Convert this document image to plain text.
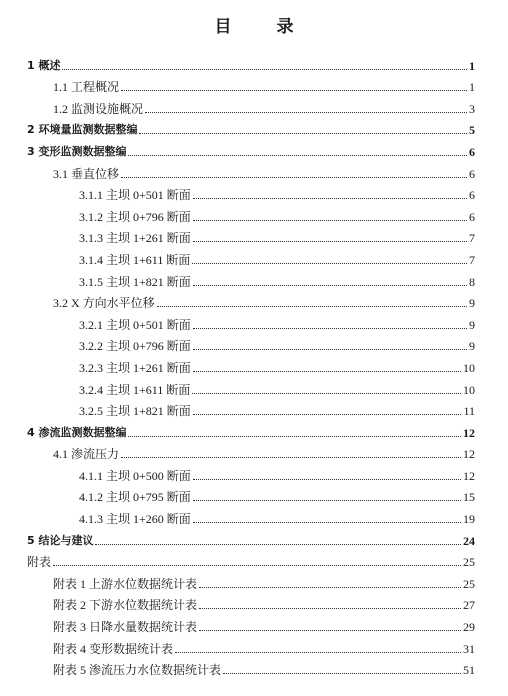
目　录
1 概述	1
1.1 工程概况	1
1.2 监测设施概况	3
2 环境量监测数据整编	5
3 变形监测数据整编	6
3.1 垂直位移	6
3.1.1 主坝 0+501 断面	6
3.1.2 主坝 0+796 断面	6
3.1.3 主坝 1+261 断面	7
3.1.4 主坝 1+611 断面	7
3.1.5 主坝 1+821 断面	8
3.2 X 方向水平位移	9
3.2.1 主坝 0+501 断面	9
3.2.2 主坝 0+796 断面	9
3.2.3 主坝 1+261 断面	10
3.2.4 主坝 1+611 断面	10
3.2.5 主坝 1+821 断面	11
4 渗流监测数据整编	12
4.1 渗流压力	12
4.1.1 主坝 0+500 断面	12
4.1.2 主坝 0+795 断面	15
4.1.3 主坝 1+260 断面	19
5 结论与建议	24
附表	25
附表 1 上游水位数据统计表	25
附表 2 下游水位数据统计表	27
附表 3 日降水量数据统计表	29
附表 4 变形数据统计表	31
附表 5 渗流压力水位数据统计表	51
